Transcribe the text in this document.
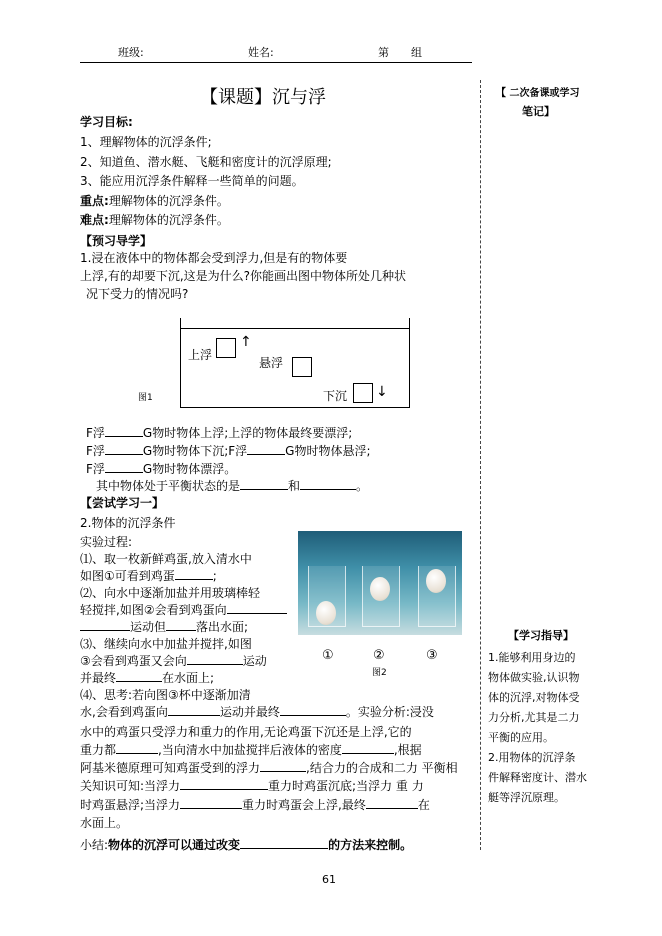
班级:	姓名:	第　　组
【课题】沉与浮
学习目标:
1、理解物体的沉浮条件;
2、知道鱼、潜水艇、飞艇和密度计的沉浮原理;
3、能应用沉浮条件解释一些简单的问题。
重点:理解物体的沉浮条件。
难点:理解物体的沉浮条件。
【预习导学】
1.浸在液体中的物体都会受到浮力,但是有的物体要
上浮,有的却要下沉,这是为什么?你能画出图中物体所处几种状
况下受力的情况吗?
上浮
↑
悬浮
下沉 ↓
图1
F浮	G物时物体上浮;上浮的物体最终要漂浮;
F浮	G物时物体下沉;F浮	G物时物体悬浮;
F浮	G物时物体漂浮。
其中物体处于平衡状态的是	和	。
【尝试学习一】
2.物体的沉浮条件
实验过程:
⑴、取一枚新鲜鸡蛋,放入清水中
如图①可看到鸡蛋	;
⑵、向水中逐渐加盐并用玻璃棒轻
轻搅拌,如图②会看到鸡蛋向
运动但	落出水面;
⑶、继续向水中加盐并搅拌,如图
③会看到鸡蛋又会向	运动
并最终	在水面上;
⑷、思考:若向图③杯中逐渐加清
水,会看到鸡蛋向	运动并最终	。实验分析:浸没
水中的鸡蛋只受浮力和重力的作用,无论鸡蛋下沉还是上浮,它的
重力都	,当向清水中加盐搅拌后液体的密度	,根据
阿基米德原理可知鸡蛋受到的浮力	,结合力的合成和二力 平衡相
关知识可知:当浮力	重力时鸡蛋沉底;当浮力 重 力
时鸡蛋悬浮;当浮力	重力时鸡蛋会上浮,最终	在
水面上。
小结:物体的沉浮可以通过改变	的方法来控制。
①	②	③
图2
【 二次备课或学习
笔记】
【学习指导】
1.能够利用身边的
物体做实验,认识物
体的沉浮,对物体受
力分析,尤其是二力
平衡的应用。
2.用物体的沉浮条
件解释密度计、潜水
艇等浮沉原理。
61
